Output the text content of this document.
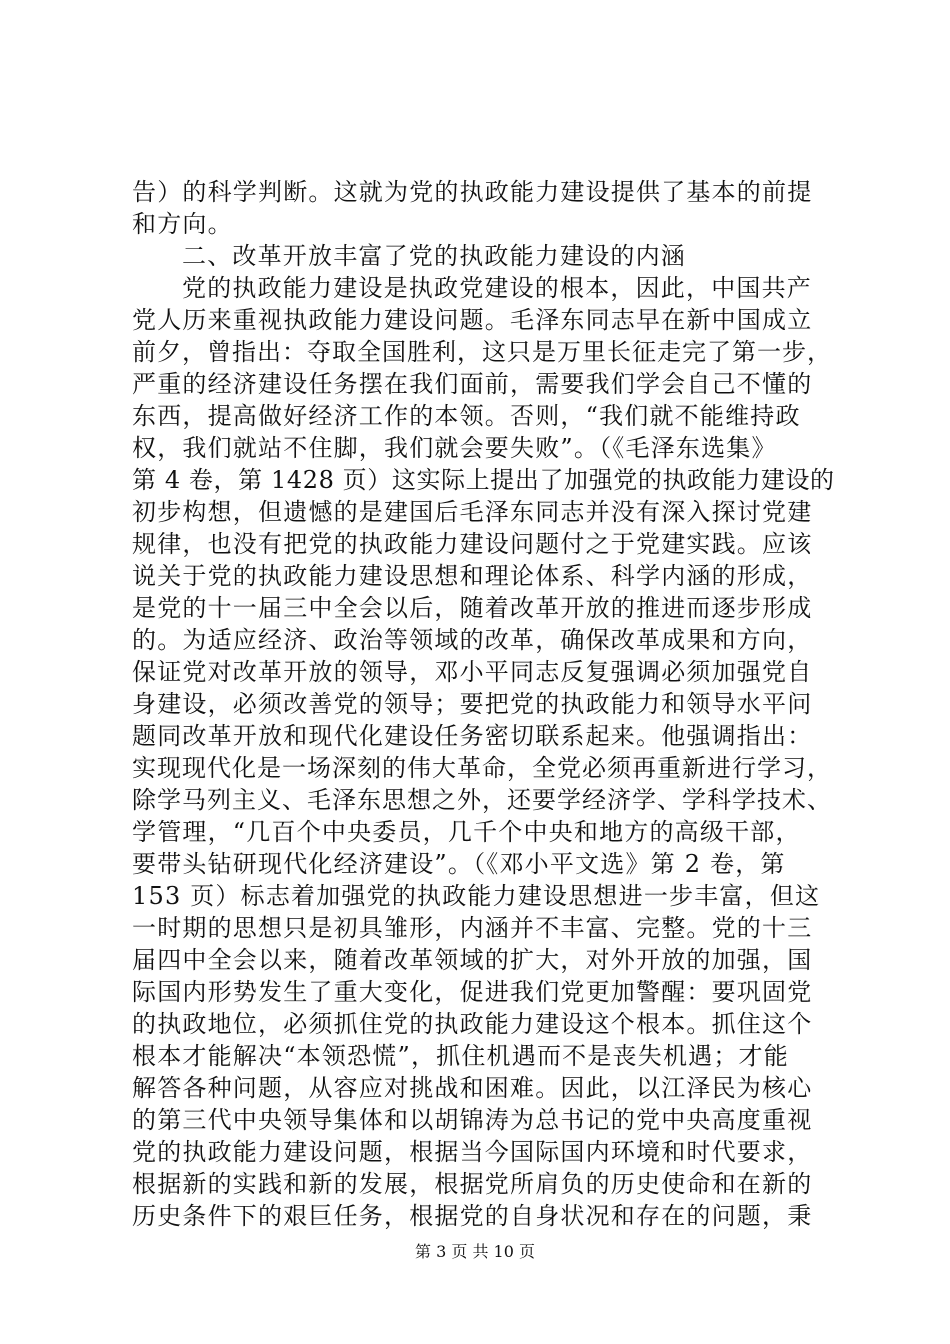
告）的科学判断。这就为党的执政能力建设提供了基本的前提
和方向。
二、改革开放丰富了党的执政能力建设的内涵
党的执政能力建设是执政党建设的根本，因此，中国共产
党人历来重视执政能力建设问题。毛泽东同志早在新中国成立
前夕，曾指出：夺取全国胜利，这只是万里长征走完了第一步，
严重的经济建设任务摆在我们面前，需要我们学会自己不懂的
东西，提高做好经济工作的本领。否则，“我们就不能维持政
权，我们就站不住脚，我们就会要失败”。（《毛泽东选集》
第 4 卷，第 1428 页）这实际上提出了加强党的执政能力建设的
初步构想，但遗憾的是建国后毛泽东同志并没有深入探讨党建
规律，也没有把党的执政能力建设问题付之于党建实践。应该
说关于党的执政能力建设思想和理论体系、科学内涵的形成，
是党的十一届三中全会以后，随着改革开放的推进而逐步形成
的。为适应经济、政治等领域的改革，确保改革成果和方向，
保证党对改革开放的领导，邓小平同志反复强调必须加强党自
身建设，必须改善党的领导；要把党的执政能力和领导水平问
题同改革开放和现代化建设任务密切联系起来。他强调指出：
实现现代化是一场深刻的伟大革命，全党必须再重新进行学习，
除学马列主义、毛泽东思想之外，还要学经济学、学科学技术、
学管理，“几百个中央委员，几千个中央和地方的高级干部，
要带头钻研现代化经济建设”。（《邓小平文选》第 2 卷，第
153 页）标志着加强党的执政能力建设思想进一步丰富，但这
一时期的思想只是初具雏形，内涵并不丰富、完整。党的十三
届四中全会以来，随着改革领域的扩大，对外开放的加强，国
际国内形势发生了重大变化，促进我们党更加警醒：要巩固党
的执政地位，必须抓住党的执政能力建设这个根本。抓住这个
根本才能解决“本领恐慌”，抓住机遇而不是丧失机遇；才能
解答各种问题，从容应对挑战和困难。因此，以江泽民为核心
的第三代中央领导集体和以胡锦涛为总书记的党中央高度重视
党的执政能力建设问题，根据当今国际国内环境和时代要求，
根据新的实践和新的发展，根据党所肩负的历史使命和在新的
历史条件下的艰巨任务，根据党的自身状况和存在的问题，秉
第 3 页 共 10 页
